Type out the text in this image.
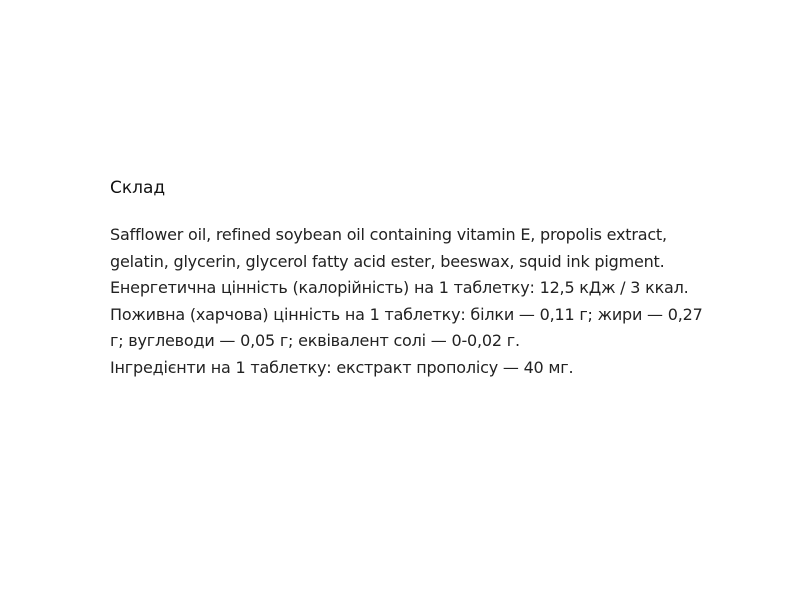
Склад

Safflower oil, refined soybean oil containing vitamin E, propolis extract, gelatin, glycerin, glycerol fatty acid ester, beeswax, squid ink pigment.

Енергетична цінність (калорійність) на 1 таблетку: 12,5 кДж / 3 ккал.

Поживна (харчова) цінність на 1 таблетку: білки — 0,11 г; жири — 0,27 г; вуглеводи — 0,05 г; еквівалент солі — 0-0,02 г.

Інгредієнти на 1 таблетку: екстракт прополісу — 40 мг.
